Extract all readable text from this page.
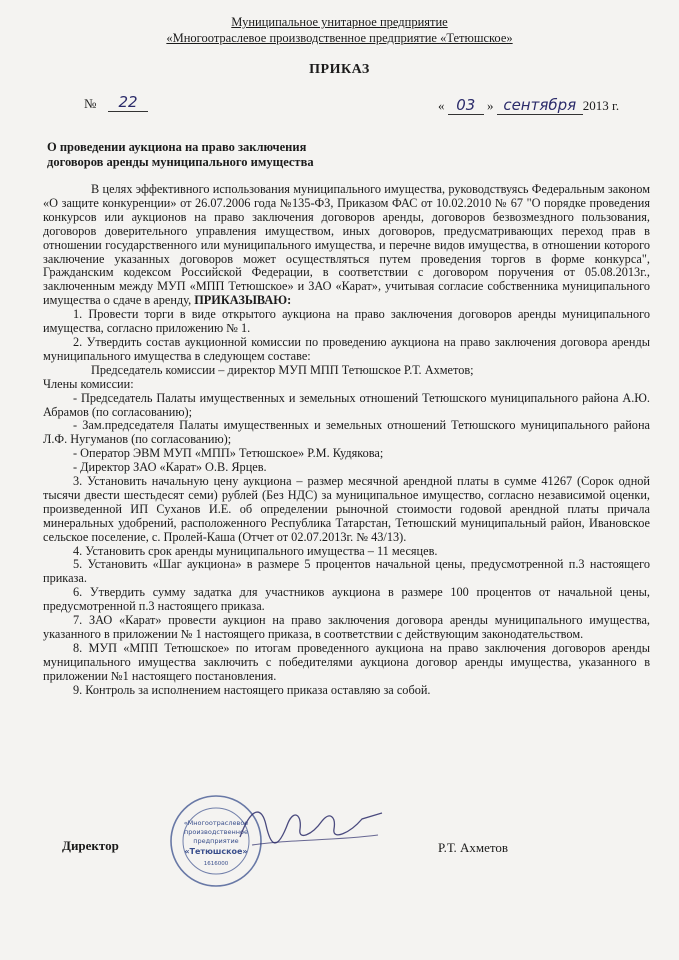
Муниципальное унитарное предприятие
«Многоотраслевое производственное предприятие «Тетюшское»
ПРИКАЗ
№	22	« 03 » сентября 2013 г.
О проведении аукциона на право заключения
договоров аренды муниципального имущества

В целях эффективного использования муниципального имущества, руководствуясь Федеральным законом «О защите конкуренции» от 26.07.2006 года №135-ФЗ, Приказом ФАС от 10.02.2010 № 67 "О порядке проведения конкурсов или аукционов на право заключения договоров аренды, договоров безвозмездного пользования, договоров доверительного управления имуществом, иных договоров, предусматривающих переход прав в отношении государственного или муниципального имущества, и перечне видов имущества, в отношении которого заключение указанных договоров может осуществляться путем проведения торгов в форме конкурса", Гражданским кодексом Российской Федерации, в соответствии с договором поручения от 05.08.2013г., заключенным между МУП «МПП Тетюшское» и ЗАО «Карат», учитывая согласие собственника муниципального имущества о сдаче в аренду, ПРИКАЗЫВАЮ:

1. Провести торги в виде открытого аукциона на право заключения договоров аренды муниципального имущества, согласно приложению № 1.

2. Утвердить состав аукционной комиссии по проведению аукциона на право заключения договора аренды муниципального имущества в следующем составе:

Председатель комиссии – директор МУП МПП Тетюшское Р.Т. Ахметов;

Члены комиссии:

- Председатель Палаты имущественных и земельных отношений Тетюшского муниципального района А.Ю. Абрамов (по согласованию);

- Зам.председателя Палаты имущественных и земельных отношений Тетюшского муниципального района Л.Ф. Нугуманов (по согласованию);

- Оператор ЭВМ МУП «МПП» Тетюшское» Р.М. Кудякова;

- Директор ЗАО «Карат» О.В. Ярцев.

3. Установить начальную цену аукциона – размер месячной арендной платы в сумме 41267 (Сорок одной тысячи двести шестьдесят семи) рублей (Без НДС) за муниципальное имущество, согласно независимой оценки, произведенной ИП Суханов И.Е. об определении рыночной стоимости годовой арендной платы причала минеральных удобрений, расположенного Республика Татарстан, Тетюшский муниципальный район, Ивановское сельское поселение, с. Пролей-Каша (Отчет от 02.07.2013г. № 43/13).

4. Установить срок аренды муниципального имущества – 11 месяцев.

5. Установить «Шаг аукциона» в размере 5 процентов начальной цены, предусмотренной п.3 настоящего приказа.

6. Утвердить сумму задатка для участников аукциона в размере 100 процентов от начальной цены, предусмотренной п.3 настоящего приказа.

7. ЗАО «Карат» провести аукцион на право заключения договора аренды муниципального имущества, указанного в приложении № 1 настоящего приказа, в соответствии с действующим законодательством.

8. МУП «МПП Тетюшское» по итогам проведенного аукциона на право заключения договоров аренды муниципального имущества заключить с победителями аукциона договор аренды имущества, указанного в приложении №1 настоящего постановления.

9. Контроль за исполнением настоящего приказа оставляю за собой.

«Многоотраслевое
производственное
предприятие
«Тетюшское»
1616000
Директор	Р.Т. Ахметов
